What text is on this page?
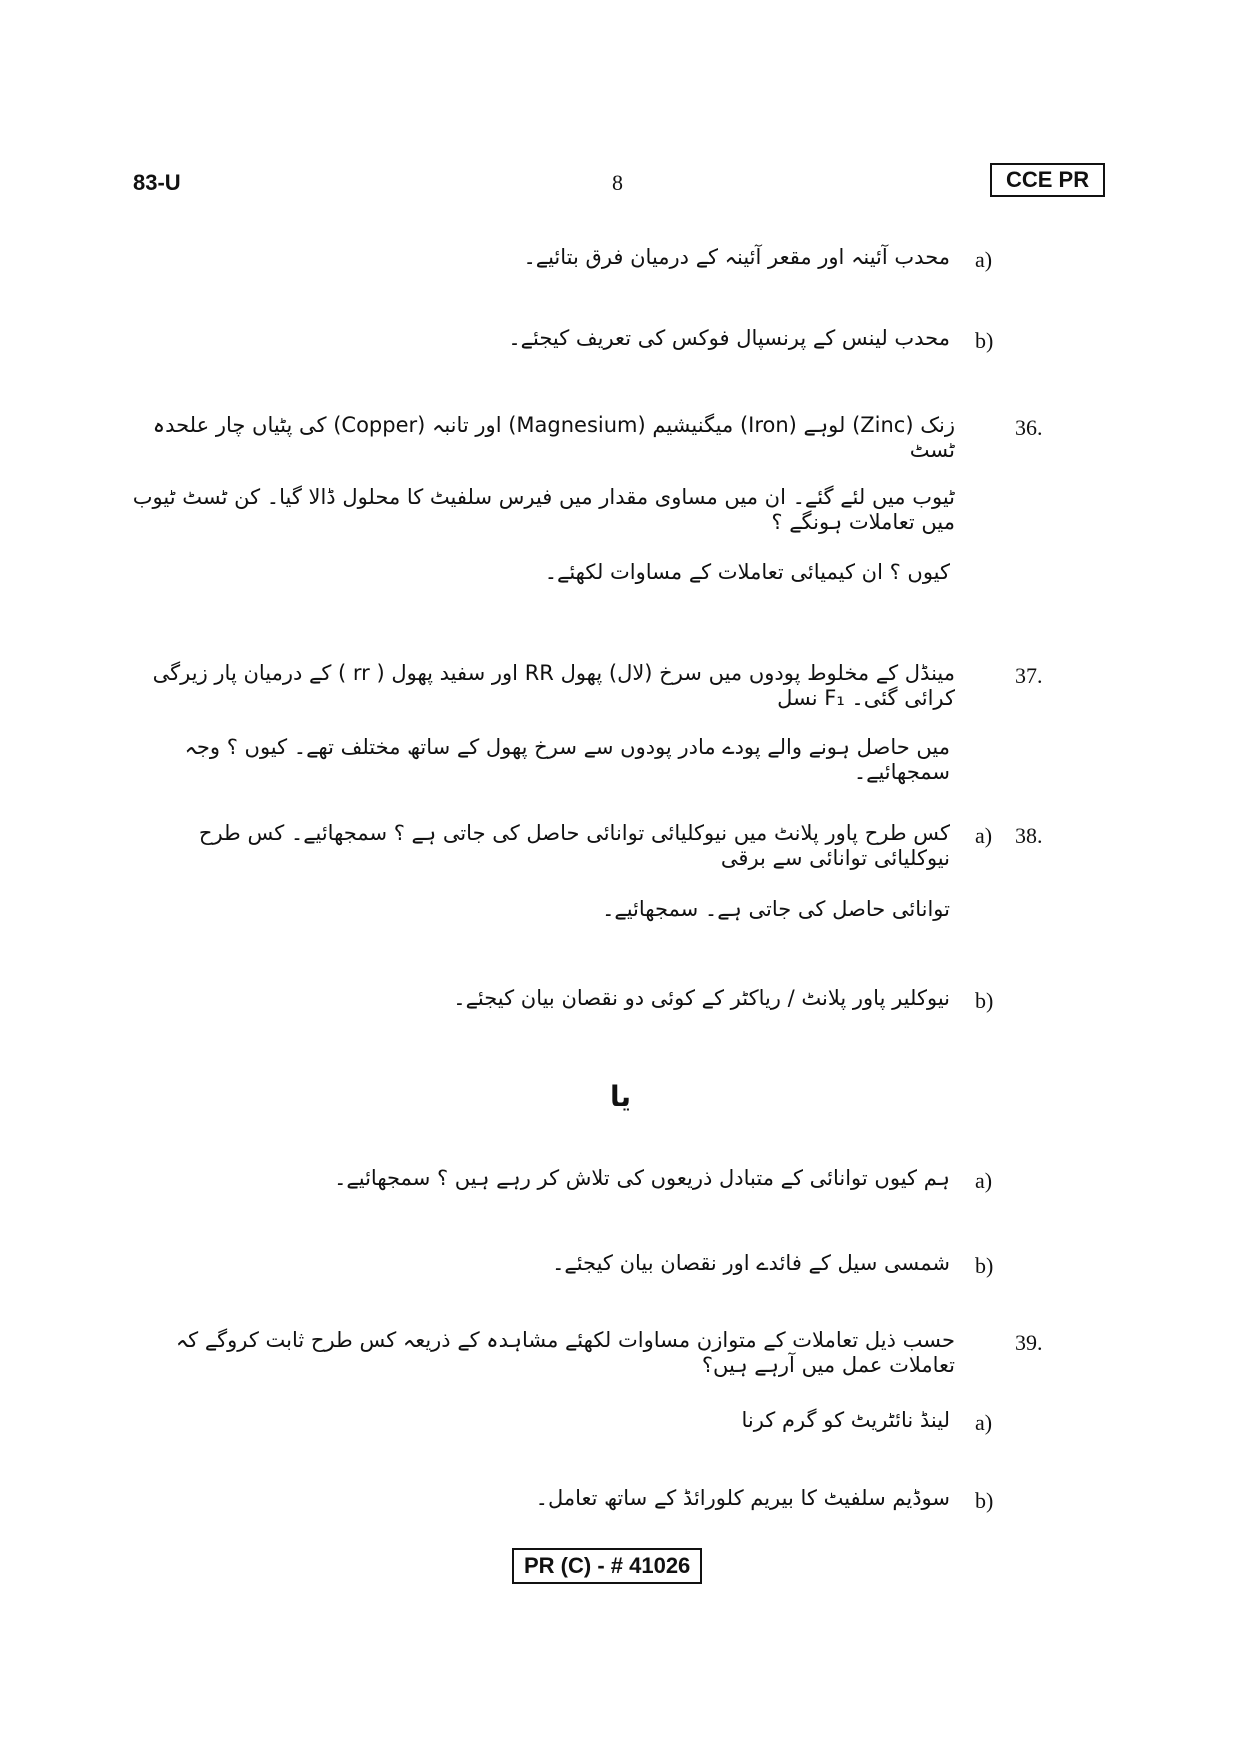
83-U	8	CCE PR
a)
محدب آئینہ اور مقعر آئینہ کے درمیان فرق بتائیے۔
b)
محدب لینس کے پرنسپال فوکس کی تعریف کیجئے۔
36.
زنک (Zinc) لوہے (Iron) میگنیشیم (Magnesium) اور تانبہ (Copper) کی پٹیاں چار علحدہ ٹسٹ
ٹیوب میں لئے گئے۔ ان میں مساوی مقدار میں فیرس سلفیٹ کا محلول ڈالا گیا۔ کن ٹسٹ ٹیوب میں تعاملات ہونگے ؟
کیوں ؟ ان کیمیائی تعاملات کے مساوات لکھئے۔
37.
مینڈل کے مخلوط پودوں میں سرخ (لال) پھول RR اور سفید پھول ( rr ) کے درمیان پار زیرگی کرائی گئی۔ F₁ نسل
میں حاصل ہونے والے پودے مادر پودوں سے سرخ پھول کے ساتھ مختلف تھے۔ کیوں ؟ وجہ سمجھائیے۔
38.
a)
کس طرح پاور پلانٹ میں نیوکلیائی توانائی حاصل کی جاتی ہے ؟ سمجھائیے۔ کس طرح نیوکلیائی توانائی سے برقی
توانائی حاصل کی جاتی ہے۔ سمجھائیے۔
b)
نیوکلیر پاور پلانٹ / ریاکٹر کے کوئی دو نقصان بیان کیجئے۔
یا
a)
ہم کیوں توانائی کے متبادل ذریعوں کی تلاش کر رہے ہیں ؟ سمجھائیے۔
b)
شمسی سیل کے فائدے اور نقصان بیان کیجئے۔
39.
حسب ذیل تعاملات کے متوازن مساوات لکھئے مشاہدہ کے ذریعہ کس طرح ثابت کروگے کہ تعاملات عمل میں آرہے ہیں؟
a)
لینڈ نائٹریٹ کو گرم کرنا
b)
سوڈیم سلفیٹ کا بیریم کلورائڈ کے ساتھ تعامل۔
PR (C) - # 41026
